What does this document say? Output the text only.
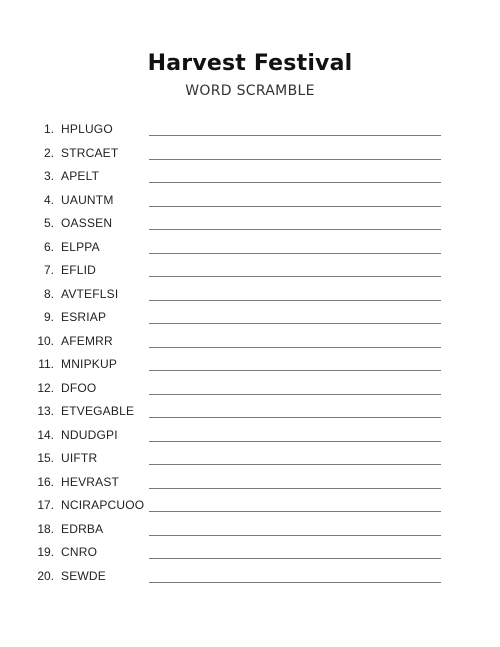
Harvest Festival
WORD SCRAMBLE
1. HPLUGO
2. STRCAET
3. APELT
4. UAUNTM
5. OASSEN
6. ELPPA
7. EFLID
8. AVTEFLSI
9. ESRIAP
10. AFEMRR
11. MNIPKUP
12. DFOO
13. ETVEGABLE
14. NDUDGPI
15. UIFTR
16. HEVRAST
17. NCIRAPCUOO
18. EDRBA
19. CNRO
20. SEWDE
